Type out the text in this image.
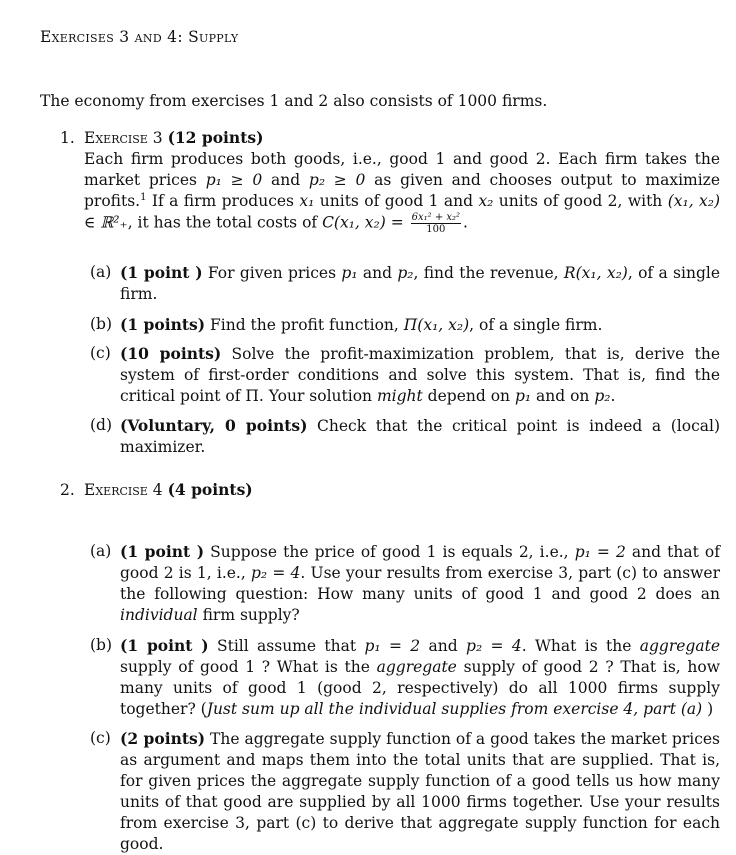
Exercises 3 and 4: Supply
The economy from exercises 1 and 2 also consists of 1000 firms.
1. Exercise 3 (12 points)
Each firm produces both goods, i.e., good 1 and good 2. Each firm takes the market prices p₁ ≥ 0 and p₂ ≥ 0 as given and chooses output to maximize profits.$^1$ If a firm produces x₁ units of good 1 and x₂ units of good 2, with (x₁, x₂) ∈ ℝ²₊, it has the total costs of C(x₁, $x_2) = \frac{\text{6x₁² + x₂²}}{100}$ .
(a) (1 point ) For given prices p₁ and p₂, find the revenue, R(x₁, x₂), of a single firm.
(b) (1 points) Find the profit function, Π(x₁, x₂), of a single firm.
(c) (10 points) Solve the profit-maximization problem, that is, derive the system of first-order conditions and solve this system. That is, find the critical point of Π. Your solution might depend on p₁ and on p₂.
(d) (Voluntary, 0 points) Check that the critical point is indeed a (local) maximizer.
2. Exercise 4 (4 points)
(a) (1 point ) Suppose the price of good 1 is equals 2, i.e., p₁ = 2 and that of good 2 is 1, i.e., p₂ = 4. Use your results from exercise 3, part (c) to answer the following question: How many units of good 1 and good 2 does an individual firm supply?
(b) (1 point ) Still assume that p₁ = 2 and p₂ = 4. What is the aggregate supply of good 1 ? What is the aggregate supply of good 2 ? That is, how many units of good 1 (good 2, respectively) do all 1000 firms supply together? (Just sum up all the individual supplies from exercise 4, part (a) )
(c) (2 points) The aggregate supply function of a good takes the market prices as argument and maps them into the total units that are supplied. That is, for given prices the aggregate supply function of a good tells us how many units of that good are supplied by all 1000 firms together. Use your results from exercise 3, part (c) to derive that aggregate supply function for each good.
